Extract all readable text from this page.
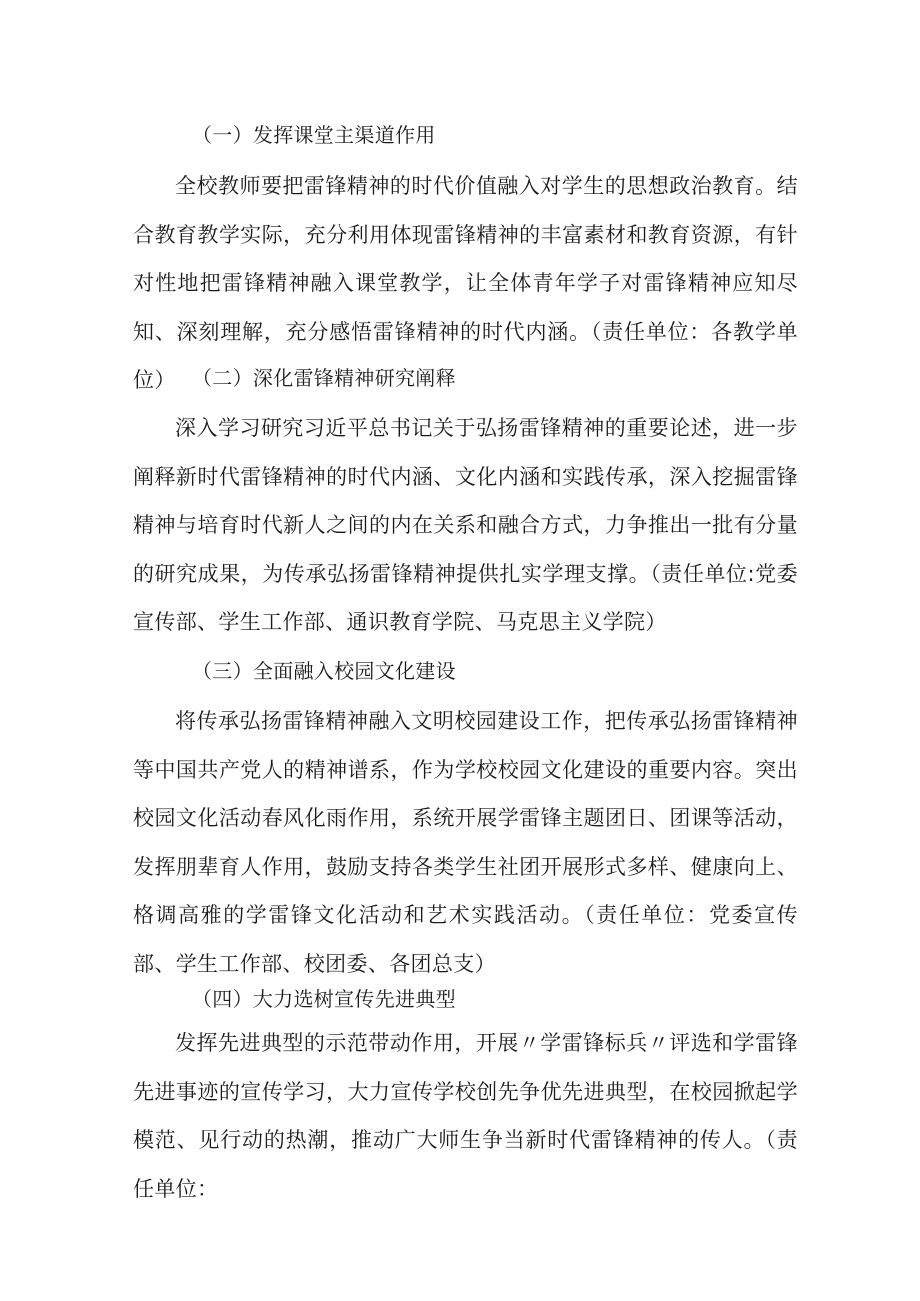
（一）发挥课堂主渠道作用
全校教师要把雷锋精神的时代价值融入对学生的思想政治教育。结合教育教学实际，充分利用体现雷锋精神的丰富素材和教育资源，有针对性地把雷锋精神融入课堂教学，让全体青年学子对雷锋精神应知尽知、深刻理解，充分感悟雷锋精神的时代内涵。（责任单位：各教学单位） （二）深化雷锋精神研究阐释
深入学习研究习近平总书记关于弘扬雷锋精神的重要论述，进一步阐释新时代雷锋精神的时代内涵、文化内涵和实践传承，深入挖掘雷锋精神与培育时代新人之间的内在关系和融合方式，力争推出一批有分量的研究成果，为传承弘扬雷锋精神提供扎实学理支撑。（责任单位:党委宣传部、学生工作部、通识教育学院、马克思主义学院）
（三）全面融入校园文化建设
将传承弘扬雷锋精神融入文明校园建设工作，把传承弘扬雷锋精神等中国共产党人的精神谱系，作为学校校园文化建设的重要内容。突出校园文化活动春风化雨作用，系统开展学雷锋主题团日、团课等活动，发挥朋辈育人作用，鼓励支持各类学生社团开展形式多样、健康向上、格调高雅的学雷锋文化活动和艺术实践活动。（责任单位：党委宣传部、学生工作部、校团委、各团总支）
（四）大力选树宣传先进典型
发挥先进典型的示范带动作用，开展〃学雷锋标兵〃评选和学雷锋先进事迹的宣传学习，大力宣传学校创先争优先进典型，在校园掀起学模范、见行动的热潮，推动广大师生争当新时代雷锋精神的传人。（责任单位：
